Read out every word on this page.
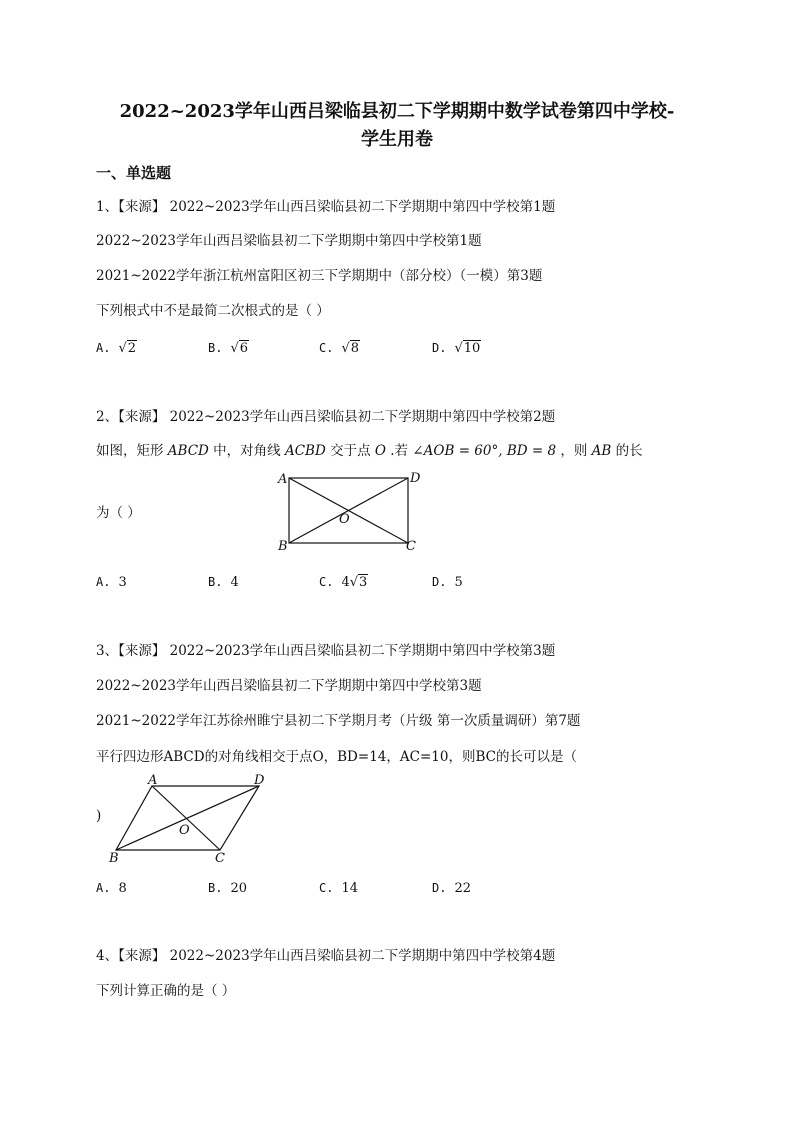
2022~2023学年山西吕梁临县初二下学期期中数学试卷第四中学校-
学生用卷
一、单选题
1、【来源】 2022~2023学年山西吕梁临县初二下学期期中第四中学校第1题
2022~2023学年山西吕梁临县初二下学期期中第四中学校第1题
2021~2022学年浙江杭州富阳区初三下学期期中（部分校）（一模）第3题
下列根式中不是最简二次根式的是（ ）
A. √2	B. √6	C. √8	D. √10
2、【来源】 2022~2023学年山西吕梁临县初二下学期期中第四中学校第2题
如图，矩形 ABCD 中，对角线 ACBD 交于点 O .若 ∠AOB = 60°, BD = 8 ，则 AB 的长
为（ ）
A	D
B	C
O
A. 3	B. 4	C. 4√3	D. 5
3、【来源】 2022~2023学年山西吕梁临县初二下学期期中第四中学校第3题
2022~2023学年山西吕梁临县初二下学期期中第四中学校第3题
2021~2022学年江苏徐州睢宁县初二下学期月考（片级 第一次质量调研）第7题
平行四边形ABCD的对角线相交于点O，BD=14，AC=10，则BC的长可以是（
)
A	D
B	C
O
A. 8	B. 20	C. 14	D. 22
4、【来源】 2022~2023学年山西吕梁临县初二下学期期中第四中学校第4题
下列计算正确的是（ ）
